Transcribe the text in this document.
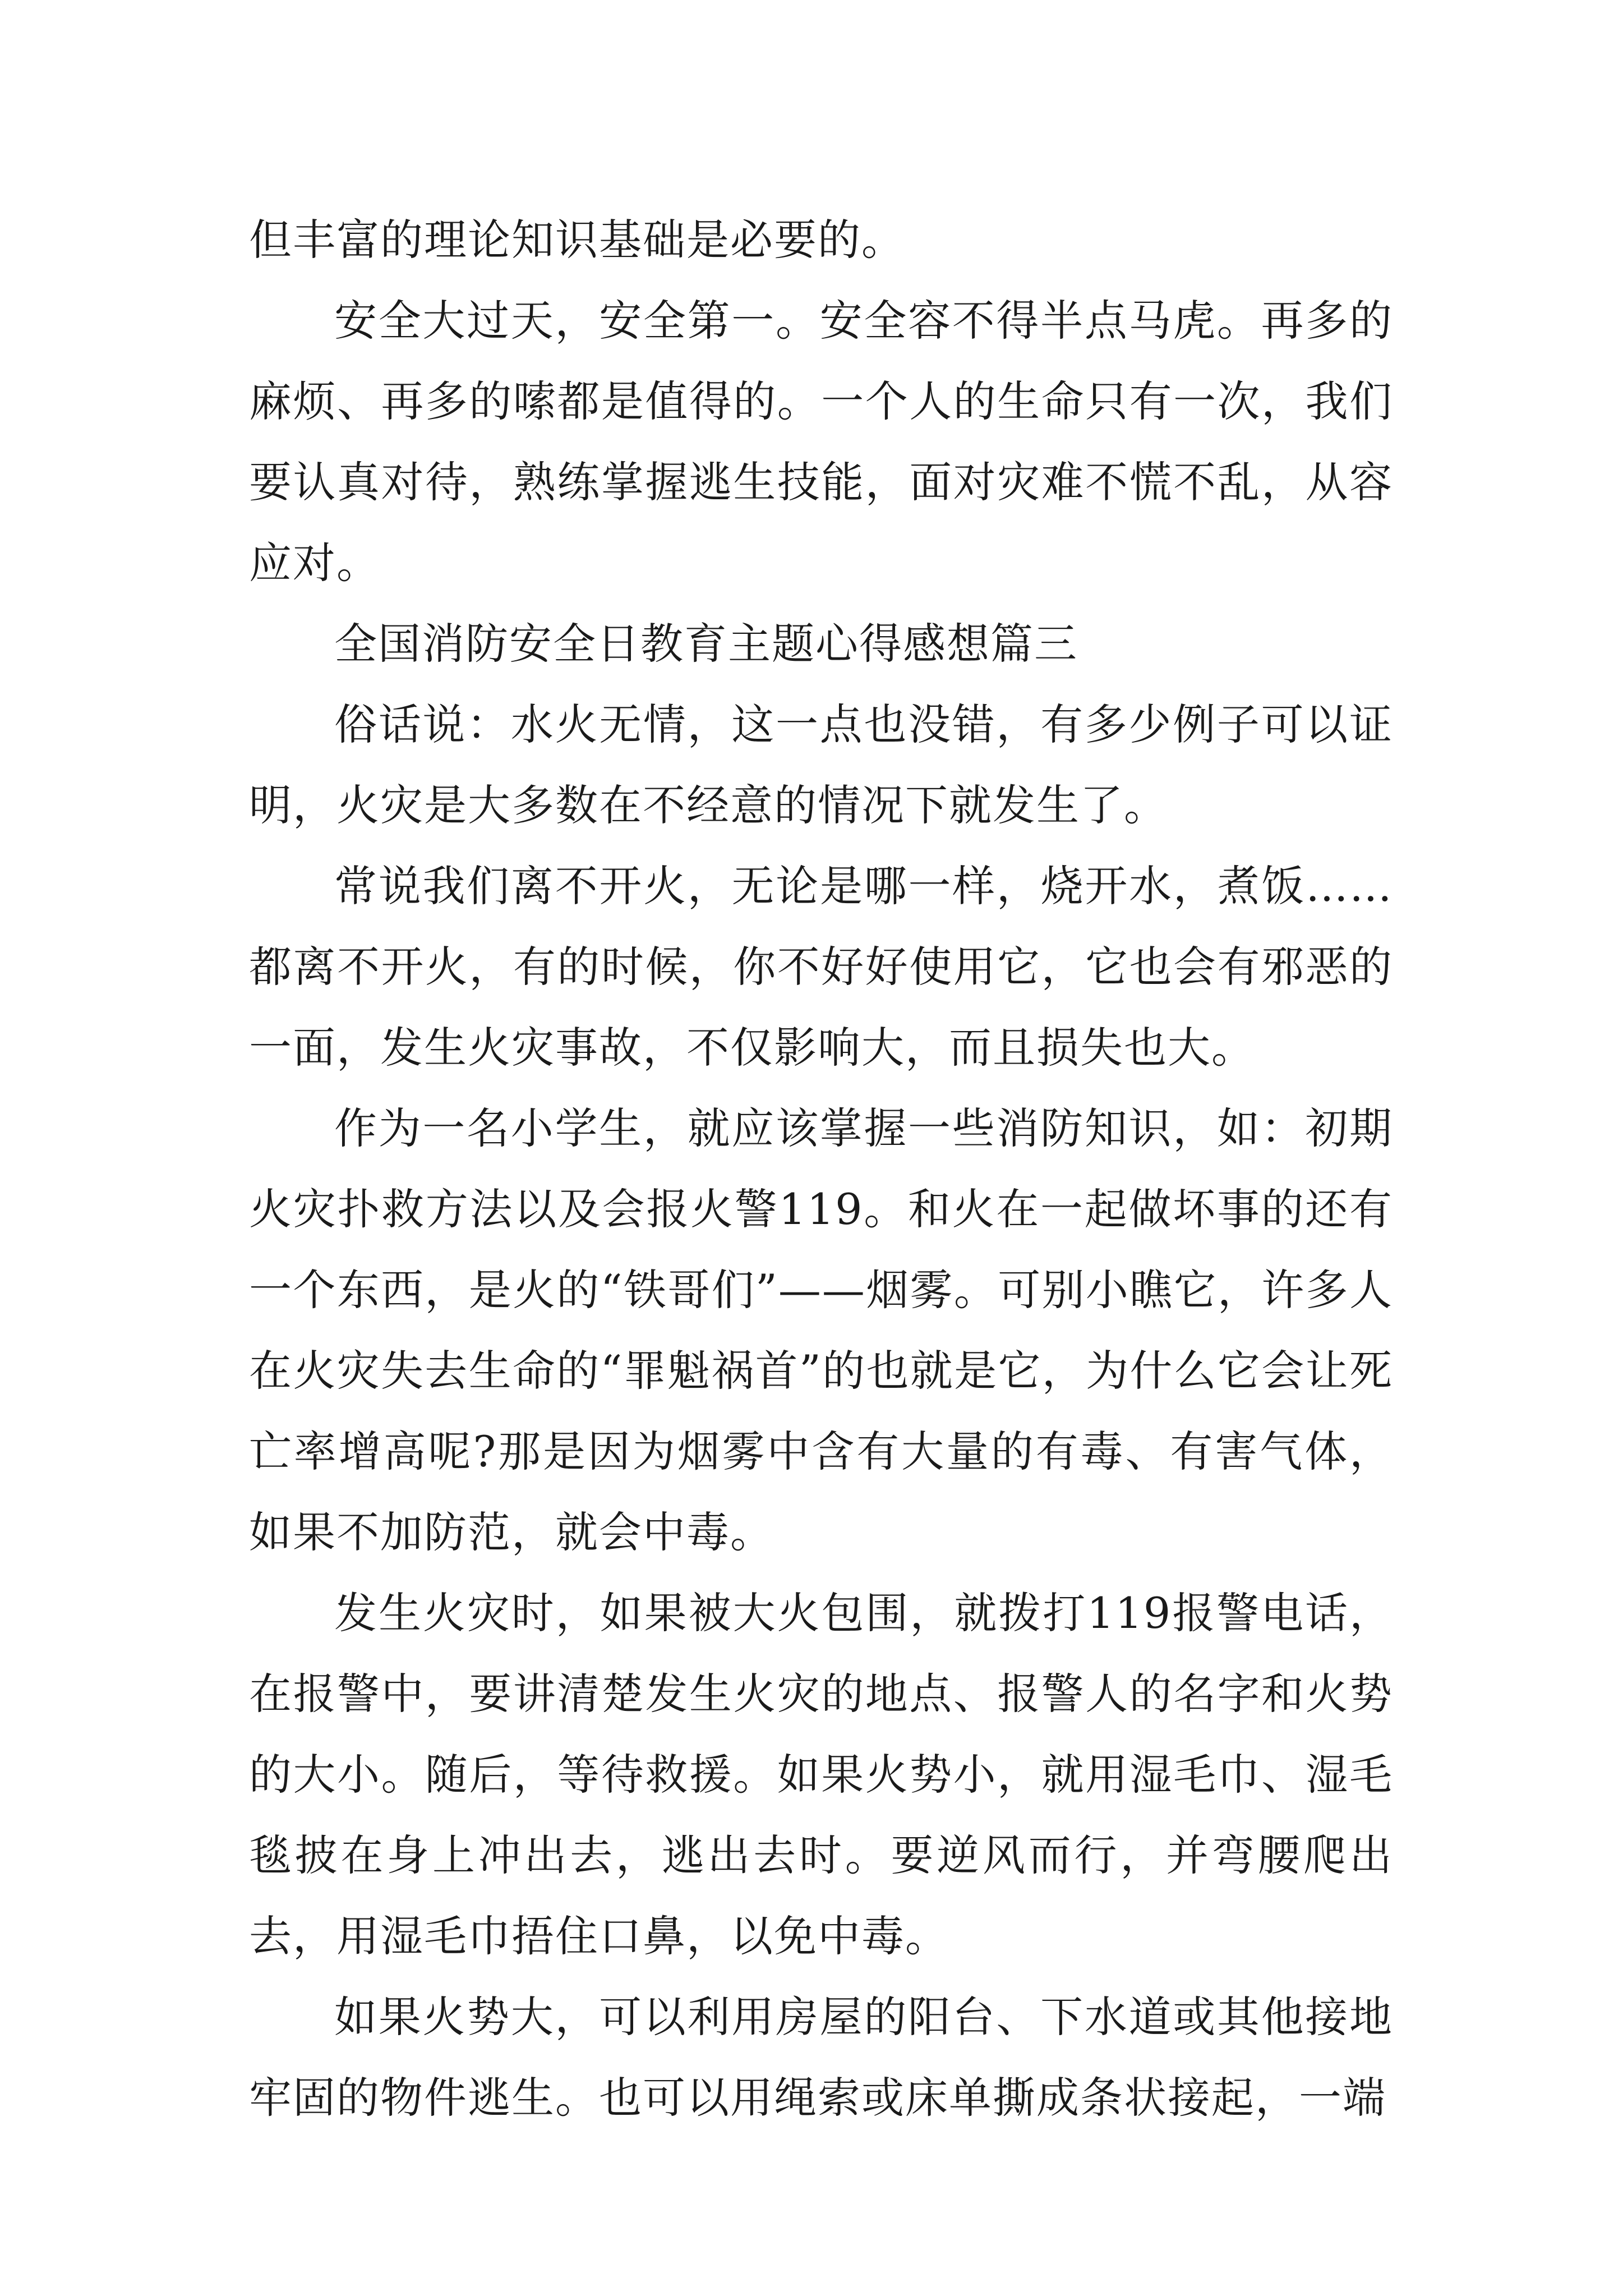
但丰富的理论知识基础是必要的。

安全大过天，安全第一。安全容不得半点马虎。再多的麻烦、再多的嗦都是值得的。一个人的生命只有一次，我们要认真对待，熟练掌握逃生技能，面对灾难不慌不乱，从容应对。

全国消防安全日教育主题心得感想篇三

俗话说：水火无情，这一点也没错，有多少例子可以证明，火灾是大多数在不经意的情况下就发生了。

常说我们离不开火，无论是哪一样，烧开水，煮饭……都离不开火，有的时候，你不好好使用它，它也会有邪恶的一面，发生火灾事故，不仅影响大，而且损失也大。

作为一名小学生，就应该掌握一些消防知识，如：初期火灾扑救方法以及会报火警119。和火在一起做坏事的还有一个东西，是火的“铁哥们”——烟雾。可别小瞧它，许多人在火灾失去生命的“罪魁祸首”的也就是它，为什么它会让死亡率增高呢?那是因为烟雾中含有大量的有毒、有害气体，如果不加防范，就会中毒。

发生火灾时，如果被大火包围，就拨打119报警电话，在报警中，要讲清楚发生火灾的地点、报警人的名字和火势的大小。随后，等待救援。如果火势小，就用湿毛巾、湿毛毯披在身上冲出去，逃出去时。要逆风而行，并弯腰爬出去，用湿毛巾捂住口鼻，以免中毒。

如果火势大，可以利用房屋的阳台、下水道或其他接地牢固的物件逃生。也可以用绳索或床单撕成条状接起，一端
